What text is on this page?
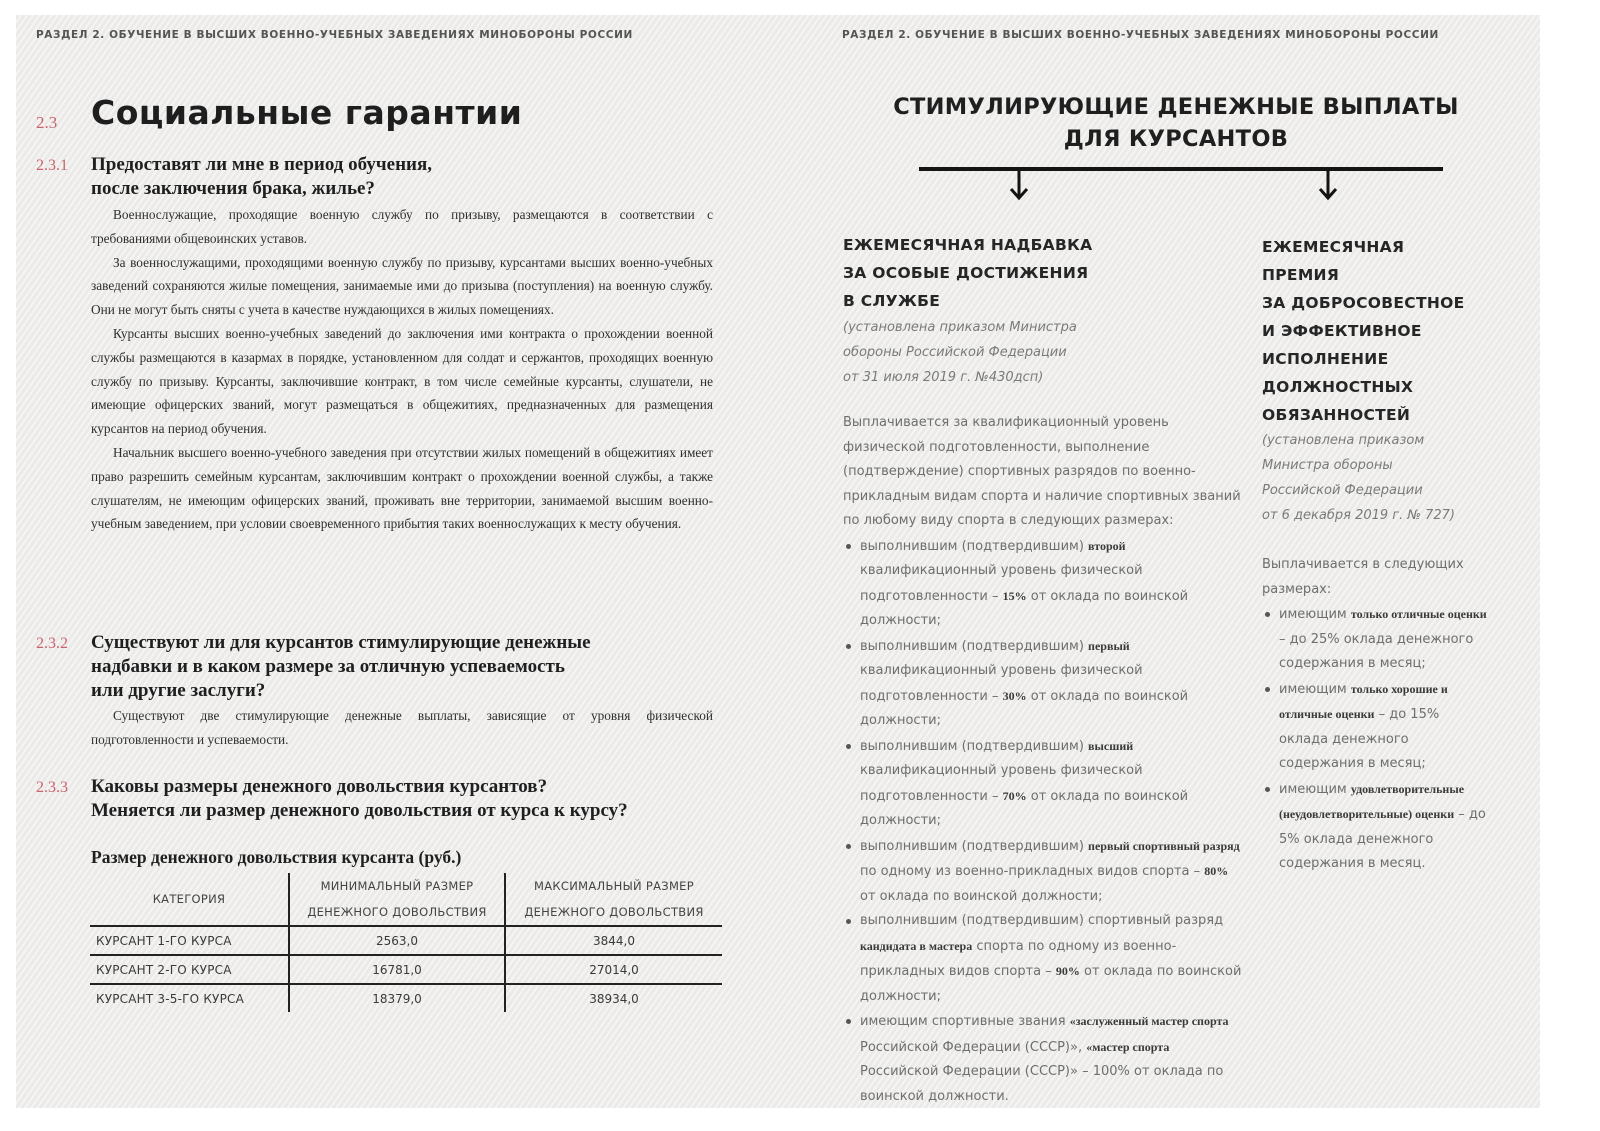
РАЗДЕЛ 2. ОБУЧЕНИЕ В ВЫСШИХ ВОЕННО-УЧЕБНЫХ ЗАВЕДЕНИЯХ МИНОБОРОНЫ РОССИИ
2.3 Социальные гарантии
2.3.1 Предоставят ли мне в период обучения,
после заключения брака, жилье?

Военнослужащие, проходящие военную службу по призыву, размещаются в соответствии с требованиями общевоинских уставов.

За военнослужащими, проходящими военную службу по призыву, курсантами высших военно-учебных заведений сохраняются жилые помещения, занимаемые ими до призыва (поступления) на военную службу. Они не могут быть сняты с учета в качестве нуждающихся в жилых помещениях.

Курсанты высших военно-учебных заведений до заключения ими контракта о прохождении военной службы размещаются в казармах в порядке, установленном для солдат и сержантов, проходящих военную службу по призыву. Курсанты, заключившие контракт, в том числе семейные курсанты, слушатели, не имеющие офицерских званий, могут размещаться в общежитиях, предназначенных для размещения курсантов на период обучения.

Начальник высшего военно-учебного заведения при отсутствии жилых помещений в общежитиях имеет право разрешить семейным курсантам, заключившим контракт о прохождении военной службы, а также слушателям, не имеющим офицерских званий, проживать вне территории, занимаемой высшим военно-учебным заведением, при условии своевременного прибытия таких военнослужащих к месту обучения.

2.3.2 Существуют ли для курсантов стимулирующие денежные
надбавки и в каком размере за отличную успеваемость
или другие заслуги?

Существуют две стимулирующие денежные выплаты, зависящие от уровня физической подготовленности и успеваемости.

2.3.3 Каковы размеры денежного довольствия курсантов?
Меняется ли размер денежного довольствия от курса к курсу?
Размер денежного довольствия курсанта (руб.)
КАТЕГОРИЯ	МИНИМАЛЬНЫЙ РАЗМЕР ДЕНЕЖНОГО ДОВОЛЬСТВИЯ	МАКСИМАЛЬНЫЙ РАЗМЕР ДЕНЕЖНОГО ДОВОЛЬСТВИЯ
КУРСАНТ 1-ГО КУРСА	2563,0	3844,0
КУРСАНТ 2-ГО КУРСА	16781,0	27014,0
КУРСАНТ 3-5-ГО КУРСА	18379,0	38934,0
РАЗДЕЛ 2. ОБУЧЕНИЕ В ВЫСШИХ ВОЕННО-УЧЕБНЫХ ЗАВЕДЕНИЯХ МИНОБОРОНЫ РОССИИ
СТИМУЛИРУЮЩИЕ ДЕНЕЖНЫЕ ВЫПЛАТЫ
ДЛЯ КУРСАНТОВ
ЕЖЕМЕСЯЧНАЯ НАДБАВКА
ЗА ОСОБЫЕ ДОСТИЖЕНИЯ
В СЛУЖБЕ
(установлена приказом Министра
обороны Российской Федерации
от 31 июля 2019 г. №430дсп)
Выплачивается за квалификационный уровень физической подготовленности, выполнение (подтверждение) спортивных разрядов по военно-прикладным видам спорта и наличие спортивных званий по любому виду спорта в следующих размерах:
выполнившим (подтвердившим) второй квалификационный уровень физической подготовленности – 15% от оклада по воинской должности;
выполнившим (подтвердившим) первый квалификационный уровень физической подготовленности – 30% от оклада по воинской должности;
выполнившим (подтвердившим) высший квалификационный уровень физической подготовленности – 70% от оклада по воинской должности;
выполнившим (подтвердившим) первый спортивный разряд по одному из военно-прикладных видов спорта – 80% от оклада по воинской должности;
выполнившим (подтвердившим) спортивный разряд кандидата в мастера спорта по одному из военно-прикладных видов спорта – 90% от оклада по воинской должности;
имеющим спортивные звания «заслуженный мастер спорта Российской Федерации (СССР)», «мастер спорта Российской Федерации (СССР)» – 100% от оклада по воинской должности.
ЕЖЕМЕСЯЧНАЯ
ПРЕМИЯ
ЗА ДОБРОСОВЕСТНОЕ
И ЭФФЕКТИВНОЕ
ИСПОЛНЕНИЕ
ДОЛЖНОСТНЫХ
ОБЯЗАННОСТЕЙ
(установлена приказом
Министра обороны
Российской Федерации
от 6 декабря 2019 г. № 727)
Выплачивается в следующих размерах:
имеющим только отличные оценки – до 25% оклада денежного содержания в месяц;
имеющим только хорошие и отличные оценки – до 15% оклада денежного содержания в месяц;
имеющим удовлетворительные (неудовлетворительные) оценки – до 5% оклада денежного содержания в месяц.
